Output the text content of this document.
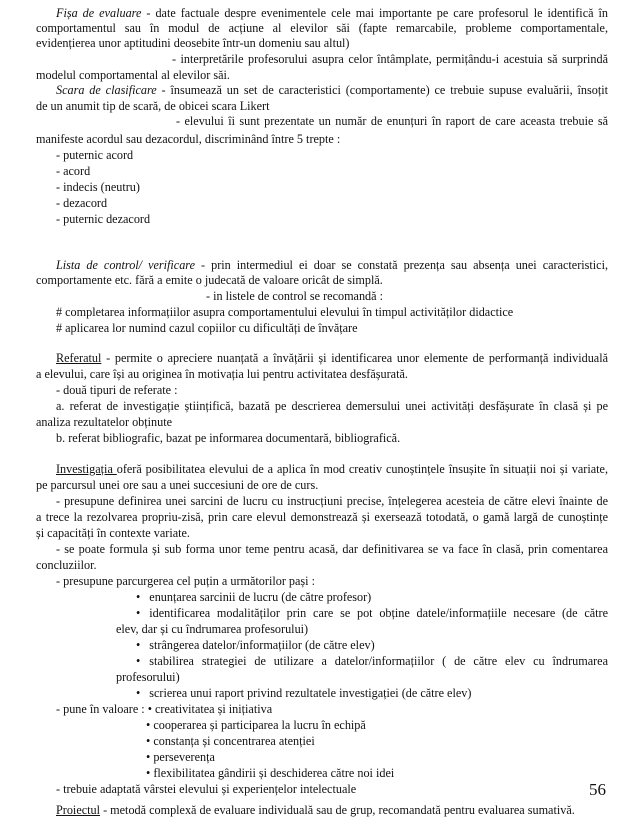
Fișa de evaluare - date factuale despre evenimentele cele mai importante pe care profesorul le identifică în
comportamentul sau în modul de acțiune al elevilor săi (fapte remarcabile, probleme comportamentale,
evidențierea unor aptitudini deosebite într-un domeniu sau altul)
- interpretările profesorului asupra celor întâmplate, permițându-i acestuia să surprindă
modelul comportamental al elevilor săi.
Scara de clasificare - însumează un set de caracteristici (comportamente) ce trebuie supuse evaluării, însoțit
de un anumit tip de scară, de obicei scara Likert
- elevului îi sunt prezentate un număr de enunțuri în raport de care aceasta trebuie să
manifeste acordul sau dezacordul, discriminând între 5 trepte :
- puternic acord
- acord
- indecis (neutru)
- dezacord
- puternic dezacord
Lista de control/ verificare - prin intermediul ei doar se constată prezența sau absența unei caracteristici,
comportamente etc. fără a emite o judecată de valoare oricât de simplă.
- in listele de control se recomandă :
# completarea informațiilor asupra comportamentului elevului în timpul activităților didactice
# aplicarea lor numind cazul copiilor cu dificultăți de învățare
Referatul - permite o apreciere nuanțată a învățării și identificarea unor elemente de performanță individuală
a elevului, care își au originea în motivația lui pentru activitatea desfășurată.
- două tipuri de referate :
a. referat de investigație științifică, bazată pe descrierea demersului unei activități desfășurate în clasă și pe
analiza rezultatelor obținute
b. referat bibliografic, bazat pe informarea documentară, bibliografică.
Investigația oferă posibilitatea elevului de a aplica în mod creativ cunoștințele însușite în situații noi și variate,
pe parcursul unei ore sau a unei succesiuni de ore de curs.
- presupune definirea unei sarcini de lucru cu instrucțiuni precise, înțelegerea acesteia de către elevi înainte de
a trece la rezolvarea propriu-zisă, prin care elevul demonstrează și exersează totodată, o gamă largă de cunoștințe
și capacități în contexte variate.
- se poate formula și sub forma unor teme pentru acasă, dar definitivarea se va face în clasă, prin comentarea
concluziilor.
- presupune parcurgerea cel puțin a următorilor pași :
• enunțarea sarcinii de lucru (de către profesor)
• identificarea modalităților prin care se pot obține datele/informațiile necesare (de către
elev, dar și cu îndrumarea profesorului)
• strângerea datelor/informațiilor (de către elev)
• stabilirea strategiei de utilizare a datelor/informațiilor ( de către elev cu îndrumarea
profesorului)
• scrierea unui raport privind rezultatele investigației (de către elev)
- pune în valoare : • creativitatea și inițiativa
• cooperarea și participarea la lucru în echipă
• constanța și concentrarea atenției
• perseverența
• flexibilitatea gândirii și deschiderea către noi idei
- trebuie adaptată vârstei elevului și experiențelor intelectuale
Proiectul - metodă complexă de evaluare individuală sau de grup, recomandată pentru evaluarea sumativă.
56
